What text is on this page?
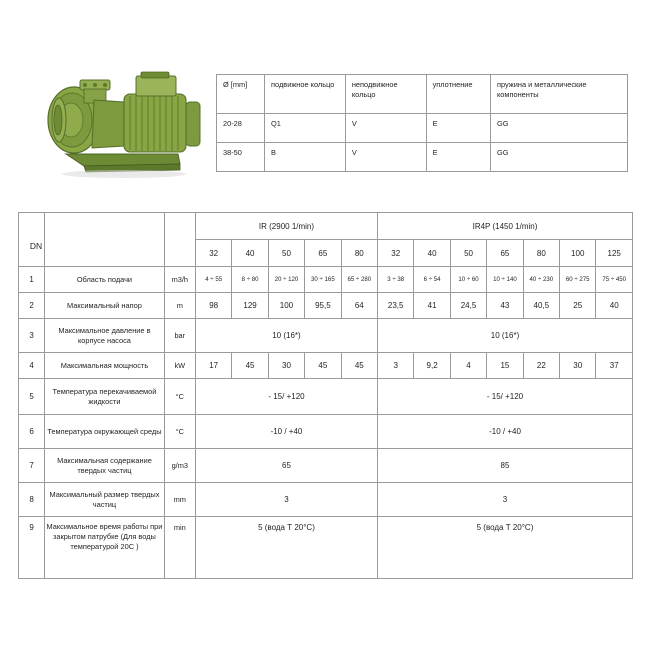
Ø [mm]	подвижное кольцо	неподвижное кольцо	уплотнение	пружина и металлические компоненты
20-28	Q1	V	E	GG
38-50	B	V	E	GG
			IR (2900 1/min)					IR4P (1450 1/min)						
			32	40	50	65	80	32	40	50	65	80	100	125
1	Область подачи	m3/h	4 ÷ 55	8 ÷ 80	20 ÷ 120	30 ÷ 165	65 ÷ 280	3 ÷ 38	6 ÷ 54	10 ÷ 60	10 ÷ 140	40 ÷ 230	60 ÷ 275	75 ÷ 450
2	Максимальный напор	m	98	129	100	95,5	64	23,5	41	24,5	43	40,5	25	40
3	Максимальное давление в корпусе насоса	bar	10 (16*)					10 (16*)						
4	Максимальная мощность	kW	17	45	30	45	45	3	9,2	4	15	22	30	37
5	Температура перекачиваемой жидкости	°C	- 15/ +120					- 15/ +120						
6	Температура окружающей среды	°C	-10 / +40					-10 / +40						
7	Максимальная содержание твердых частиц	g/m3	65					85						
8	Максимальный размер твердых частиц	mm	3					3						
9	Максимальное время работы при закрытом патрубке (Для воды температурой 20C )	min	5 (вода Т 20°С)					5 (вода Т 20°С)						
DN
